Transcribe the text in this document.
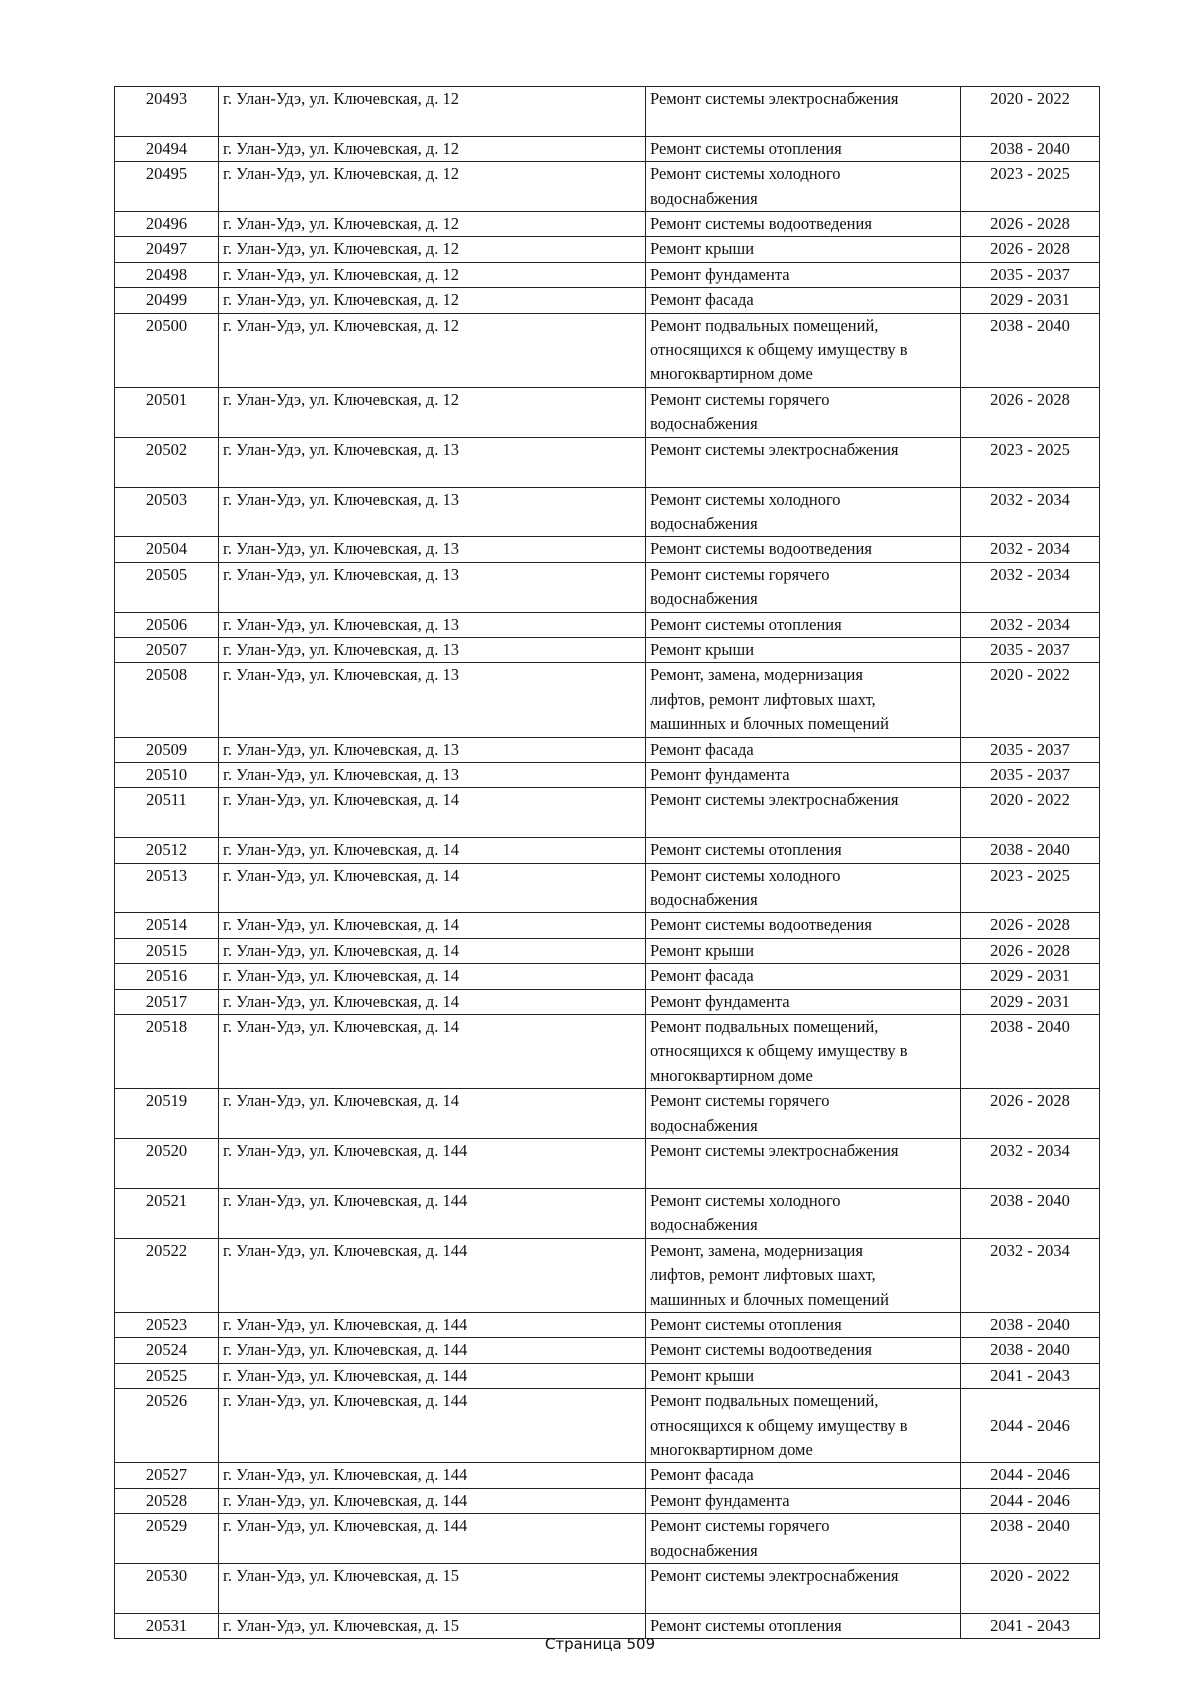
20493	г. Улан-Удэ, ул. Ключевская, д. 12	Ремонт системы электроснабжения	2020 - 2022
20494	г. Улан-Удэ, ул. Ключевская, д. 12	Ремонт системы отопления	2038 - 2040
20495	г. Улан-Удэ, ул. Ключевская, д. 12	Ремонт системы холодного
водоснабжения	2023 - 2025
20496	г. Улан-Удэ, ул. Ключевская, д. 12	Ремонт системы водоотведения	2026 - 2028
20497	г. Улан-Удэ, ул. Ключевская, д. 12	Ремонт крыши	2026 - 2028
20498	г. Улан-Удэ, ул. Ключевская, д. 12	Ремонт фундамента	2035 - 2037
20499	г. Улан-Удэ, ул. Ключевская, д. 12	Ремонт фасада	2029 - 2031
20500	г. Улан-Удэ, ул. Ключевская, д. 12	Ремонт подвальных помещений,
относящихся к общему имуществу в
многоквартирном доме	2038 - 2040
20501	г. Улан-Удэ, ул. Ключевская, д. 12	Ремонт системы горячего
водоснабжения	2026 - 2028
20502	г. Улан-Удэ, ул. Ключевская, д. 13	Ремонт системы электроснабжения	2023 - 2025
20503	г. Улан-Удэ, ул. Ключевская, д. 13	Ремонт системы холодного
водоснабжения	2032 - 2034
20504	г. Улан-Удэ, ул. Ключевская, д. 13	Ремонт системы водоотведения	2032 - 2034
20505	г. Улан-Удэ, ул. Ключевская, д. 13	Ремонт системы горячего
водоснабжения	2032 - 2034
20506	г. Улан-Удэ, ул. Ключевская, д. 13	Ремонт системы отопления	2032 - 2034
20507	г. Улан-Удэ, ул. Ключевская, д. 13	Ремонт крыши	2035 - 2037
20508	г. Улан-Удэ, ул. Ключевская, д. 13	Ремонт, замена, модернизация
лифтов, ремонт лифтовых шахт,
машинных и блочных помещений	2020 - 2022
20509	г. Улан-Удэ, ул. Ключевская, д. 13	Ремонт фасада	2035 - 2037
20510	г. Улан-Удэ, ул. Ключевская, д. 13	Ремонт фундамента	2035 - 2037
20511	г. Улан-Удэ, ул. Ключевская, д. 14	Ремонт системы электроснабжения	2020 - 2022
20512	г. Улан-Удэ, ул. Ключевская, д. 14	Ремонт системы отопления	2038 - 2040
20513	г. Улан-Удэ, ул. Ключевская, д. 14	Ремонт системы холодного
водоснабжения	2023 - 2025
20514	г. Улан-Удэ, ул. Ключевская, д. 14	Ремонт системы водоотведения	2026 - 2028
20515	г. Улан-Удэ, ул. Ключевская, д. 14	Ремонт крыши	2026 - 2028
20516	г. Улан-Удэ, ул. Ключевская, д. 14	Ремонт фасада	2029 - 2031
20517	г. Улан-Удэ, ул. Ключевская, д. 14	Ремонт фундамента	2029 - 2031
20518	г. Улан-Удэ, ул. Ключевская, д. 14	Ремонт подвальных помещений,
относящихся к общему имуществу в
многоквартирном доме	2038 - 2040
20519	г. Улан-Удэ, ул. Ключевская, д. 14	Ремонт системы горячего
водоснабжения	2026 - 2028
20520	г. Улан-Удэ, ул. Ключевская, д. 144	Ремонт системы электроснабжения	2032 - 2034
20521	г. Улан-Удэ, ул. Ключевская, д. 144	Ремонт системы холодного
водоснабжения	2038 - 2040
20522	г. Улан-Удэ, ул. Ключевская, д. 144	Ремонт, замена, модернизация
лифтов, ремонт лифтовых шахт,
машинных и блочных помещений	2032 - 2034
20523	г. Улан-Удэ, ул. Ключевская, д. 144	Ремонт системы отопления	2038 - 2040
20524	г. Улан-Удэ, ул. Ключевская, д. 144	Ремонт системы водоотведения	2038 - 2040
20525	г. Улан-Удэ, ул. Ключевская, д. 144	Ремонт крыши	2041 - 2043
20526	г. Улан-Удэ, ул. Ключевская, д. 144	Ремонт подвальных помещений,
относящихся к общему имуществу в
многоквартирном доме	2044 - 2046
20527	г. Улан-Удэ, ул. Ключевская, д. 144	Ремонт фасада	2044 - 2046
20528	г. Улан-Удэ, ул. Ключевская, д. 144	Ремонт фундамента	2044 - 2046
20529	г. Улан-Удэ, ул. Ключевская, д. 144	Ремонт системы горячего
водоснабжения	2038 - 2040
20530	г. Улан-Удэ, ул. Ключевская, д. 15	Ремонт системы электроснабжения	2020 - 2022
20531	г. Улан-Удэ, ул. Ключевская, д. 15	Ремонт системы отопления	2041 - 2043
Страница 509
